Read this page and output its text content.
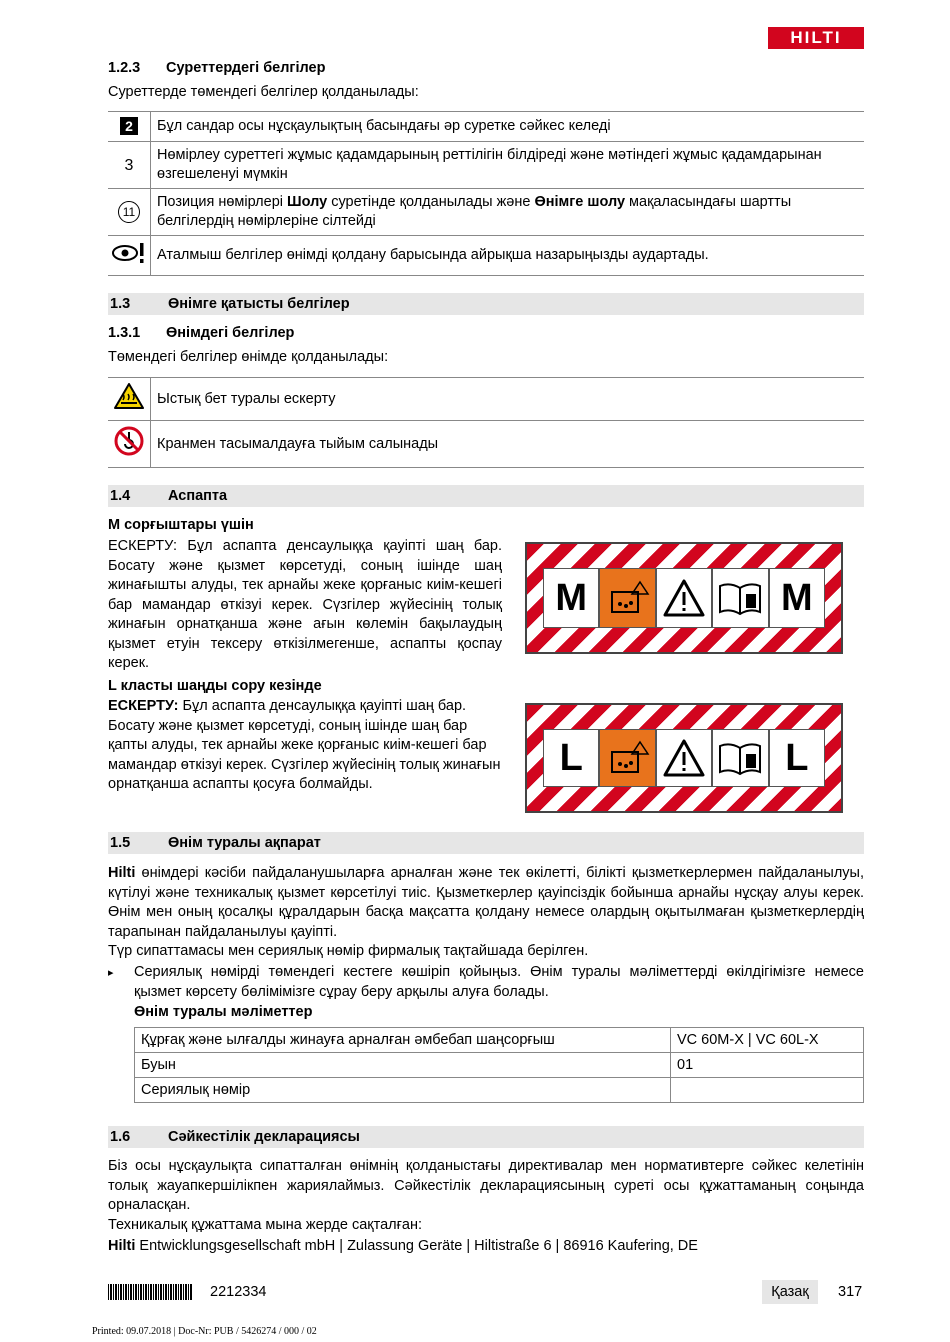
HILTI
1.2.3 Суреттердегі белгілер
Суреттерде төмендегі белгілер қолданылады:
2	Бұл сандар осы нұсқаулықтың басындағы әр суретке сәйкес келеді
3	Нөмірлеу суреттегі жұмыс қадамдарының реттілігін білдіреді және мәтіндегі жұмыс қадамдарынан өзгешеленуі мүмкін
11	Позиция нөмірлері Шолу суретінде қолданылады және Өнімге шолу мақаласындағы шартты белгілердің нөмірлеріне сілтейді
	Аталмыш белгілер өнімді қолдану барысында айрықша назарыңызды аудартады.
1.3	Өнімге қатысты белгілер
1.3.1 Өнімдегі белгілер
Төмендегі белгілер өнімде қолданылады:
	Ыстық бет туралы ескерту
	Кранмен тасымалдауға тыйым салынады
1.4	Аспапта
М сорғыштары үшін
ЕСКЕРТУ: Бұл аспапта денсаулыққа қауіпті шаң бар. Босату және қызмет көрсетуді, соның ішінде шаң жинағышты алуды, тек арнайы жеке қорғаныс киім-кешегі бар мамандар өткізуі керек. Сүзгілер жүйесінің толық жинағын орнатқанша және ағын көлемін бақылаудың қызмет етуін тексеру өткізілмегенше, аспапты қоспау керек.
L класты шаңды сору кезінде
ЕСКЕРТУ: Бұл аспапта денсаулыққа қауіпті шаң бар. Босату және қызмет көрсетуді, соның ішінде шаң бар қапты алуды, тек арнайы жеке қорғаныс киім-кешегі бар мамандар өткізуі керек. Сүзгілер жүйесінің толық жинағын орнатқанша аспапты қосуға болмайды.
M	M
L	L
1.5	Өнім туралы ақпарат
Hilti өнімдері кәсіби пайдаланушыларға арналған және тек өкілетті, білікті қызметкерлермен пайдаланылуы, күтілуі және техникалық қызмет көрсетілуі тиіс. Қызметкерлер қауіпсіздік бойынша арнайы нұсқау алуы керек. Өнім мен оның қосалқы құралдарын басқа мақсатта қолдану немесе олардың оқытылмаған қызметкерлердің тарапынан пайдаланылуы қауіпті.
Түр сипаттамасы мен сериялық нөмір фирмалық тақтайшада берілген.
▸ Сериялық нөмірді төмендегі кестеге көшіріп қойыңыз. Өнім туралы мәліметтерді өкілдігімізге немесе қызмет көрсету бөлімімізге сұрау беру арқылы алуға болады.
Өнім туралы мәліметтер
Құрғақ және ылғалды жинауға арналған әмбебап шаңсорғыш	VC 60M-X | VC 60L-X
Буын	01
Сериялық нөмір	
1.6	Сәйкестілік декларациясы
Біз осы нұсқаулықта сипатталған өнімнің қолданыстағы директивалар мен нормативтерге сәйкес келетінін толық жауапкершілікпен жариялаймыз. Сәйкестілік декларациясының суреті осы құжаттаманың соңында орналасқан.
Техникалық құжаттама мына жерде сақталған:
Hilti Entwicklungsgesellschaft mbH | Zulassung Geräte | Hiltistraße 6 | 86916 Kaufering, DE
2212334	Қазақ	317
Printed: 09.07.2018 | Doc-Nr: PUB / 5426274 / 000 / 02
